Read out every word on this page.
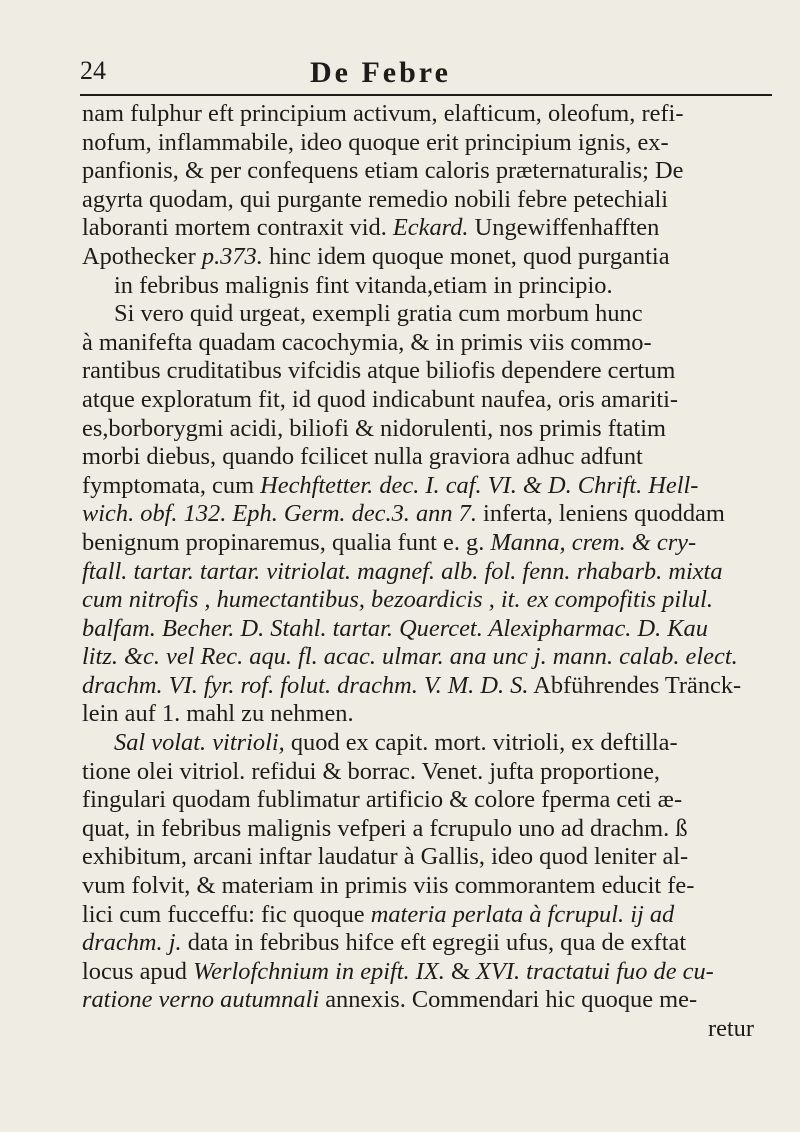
24	De Febre
nam fulphur eft principium activum, elafticum, oleofum, refi-
nofum, inflammabile, ideo quoque erit principium ignis, ex-
panfionis, & per confequens etiam caloris præternaturalis; De
agyrta quodam, qui purgante remedio nobili febre petechiali
laboranti mortem contraxit vid. Eckard. Ungewiffenhafften
Apothecker p.373. hinc idem quoque monet, quod purgantia
in febribus malignis fint vitanda,etiam in principio.
Si vero quid urgeat, exempli gratia cum morbum hunc
à manifefta quadam cacochymia, & in primis viis commo-
rantibus cruditatibus vifcidis atque biliofis dependere certum
atque exploratum fit, id quod indicabunt naufea, oris amariti-
es,borborygmi acidi, biliofi & nidorulenti, nos primis ftatim
morbi diebus, quando fcilicet nulla graviora adhuc adfunt
fymptomata, cum Hechftetter. dec. I. caf. VI. & D. Chrift. Hell-
wich. obf. 132. Eph. Germ. dec.3. ann 7. inferta, leniens quoddam
benignum propinaremus, qualia funt e. g. Manna, crem. & cry-
ftall. tartar. tartar. vitriolat. magnef. alb. fol. fenn. rhabarb. mixta
cum nitrofis , humectantibus, bezoardicis , it. ex compofitis pilul.
balfam. Becher. D. Stahl. tartar. Quercet. Alexipharmac. D. Kau
litz. &c. vel Rec. aqu. fl. acac. ulmar. ana unc j. mann. calab. elect.
drachm. VI. fyr. rof. folut. drachm. V. M. D. S. Abführendes Tränck-
lein auf 1. mahl zu nehmen.
Sal volat. vitrioli, quod ex capit. mort. vitrioli, ex deftilla-
tione olei vitriol. refidui & borrac. Venet. jufta proportione,
fingulari quodam fublimatur artificio & colore fperma ceti æ-
quat, in febribus malignis vefperi a fcrupulo uno ad drachm. ß
exhibitum, arcani inftar laudatur à Gallis, ideo quod leniter al-
vum folvit, & materiam in primis viis commorantem educit fe-
lici cum fucceffu: fic quoque materia perlata à fcrupul. ij ad
drachm. j. data in febribus hifce eft egregii ufus, qua de exftat
locus apud Werlofchnium in epift. IX. & XVI. tractatui fuo de cu-
ratione verno autumnali annexis. Commendari hic quoque me-
retur
